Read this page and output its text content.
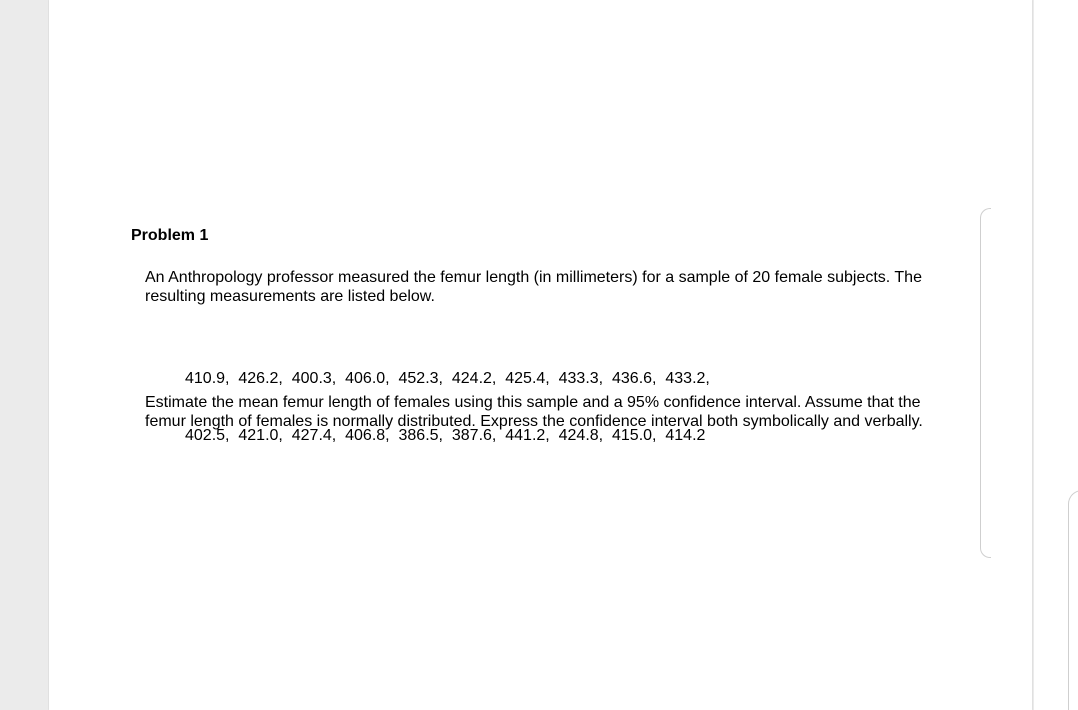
Problem 1

An Anthropology professor measured the femur length (in millimeters) for a sample of 20 female subjects. The resulting measurements are listed below.

410.9,  426.2,  400.3,  406.0,  452.3,  424.2,  425.4,  433.3,  436.6,  433.2,

402.5,  421.0,  427.4,  406.8,  386.5,  387.6,  441.2,  424.8,  415.0,  414.2

Estimate the mean femur length of females using this sample and a 95% confidence interval. Assume that the femur length of females is normally distributed. Express the confidence interval both symbolically and verbally.
